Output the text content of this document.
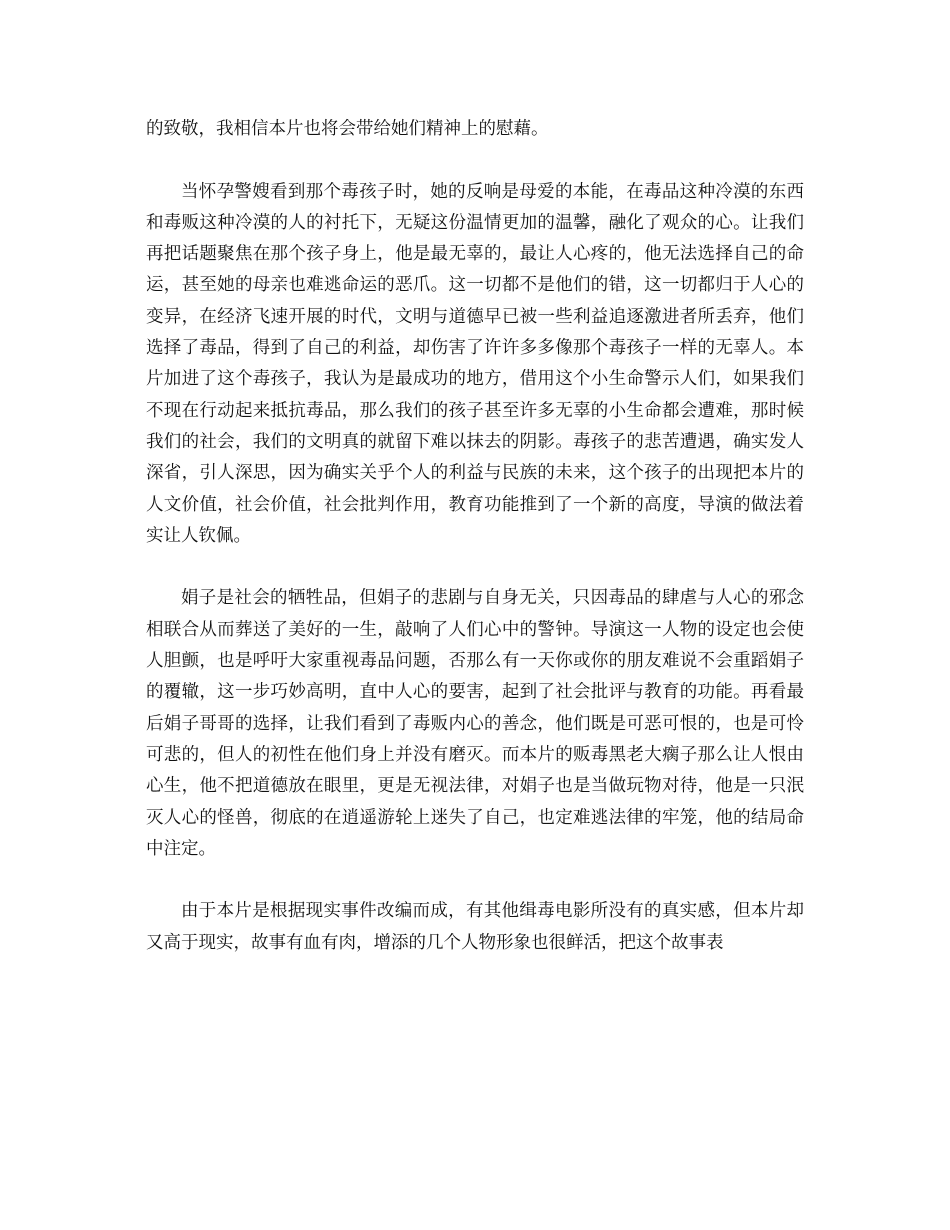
的致敬，我相信本片也将会带给她们精神上的慰藉。

当怀孕警嫂看到那个毒孩子时，她的反响是母爱的本能，在毒品这种冷漠的东西和毒贩这种冷漠的人的衬托下，无疑这份温情更加的温馨，融化了观众的心。让我们再把话题聚焦在那个孩子身上，他是最无辜的，最让人心疼的，他无法选择自己的命运，甚至她的母亲也难逃命运的恶爪。这一切都不是他们的错，这一切都归于人心的变异，在经济飞速开展的时代，文明与道德早已被一些利益追逐激进者所丢弃，他们选择了毒品，得到了自己的利益，却伤害了许许多多像那个毒孩子一样的无辜人。本片加进了这个毒孩子，我认为是最成功的地方，借用这个小生命警示人们，如果我们不现在行动起来抵抗毒品，那么我们的孩子甚至许多无辜的小生命都会遭难，那时候我们的社会，我们的文明真的就留下难以抹去的阴影。毒孩子的悲苦遭遇，确实发人深省，引人深思，因为确实关乎个人的利益与民族的未来，这个孩子的出现把本片的人文价值，社会价值，社会批判作用，教育功能推到了一个新的高度，导演的做法着实让人钦佩。

娟子是社会的牺牲品，但娟子的悲剧与自身无关，只因毒品的肆虐与人心的邪念相联合从而葬送了美好的一生，敲响了人们心中的警钟。导演这一人物的设定也会使人胆颤，也是呼吁大家重视毒品问题，否那么有一天你或你的朋友难说不会重蹈娟子的覆辙，这一步巧妙高明，直中人心的要害，起到了社会批评与教育的功能。再看最后娟子哥哥的选择，让我们看到了毒贩内心的善念，他们既是可恶可恨的，也是可怜可悲的，但人的初性在他们身上并没有磨灭。而本片的贩毒黑老大瘸子那么让人恨由心生，他不把道德放在眼里，更是无视法律，对娟子也是当做玩物对待，他是一只泯灭人心的怪兽，彻底的在逍遥游轮上迷失了自己，也定难逃法律的牢笼，他的结局命中注定。

由于本片是根据现实事件改编而成，有其他缉毒电影所没有的真实感，但本片却又高于现实，故事有血有肉，增添的几个人物形象也很鲜活，把这个故事表
